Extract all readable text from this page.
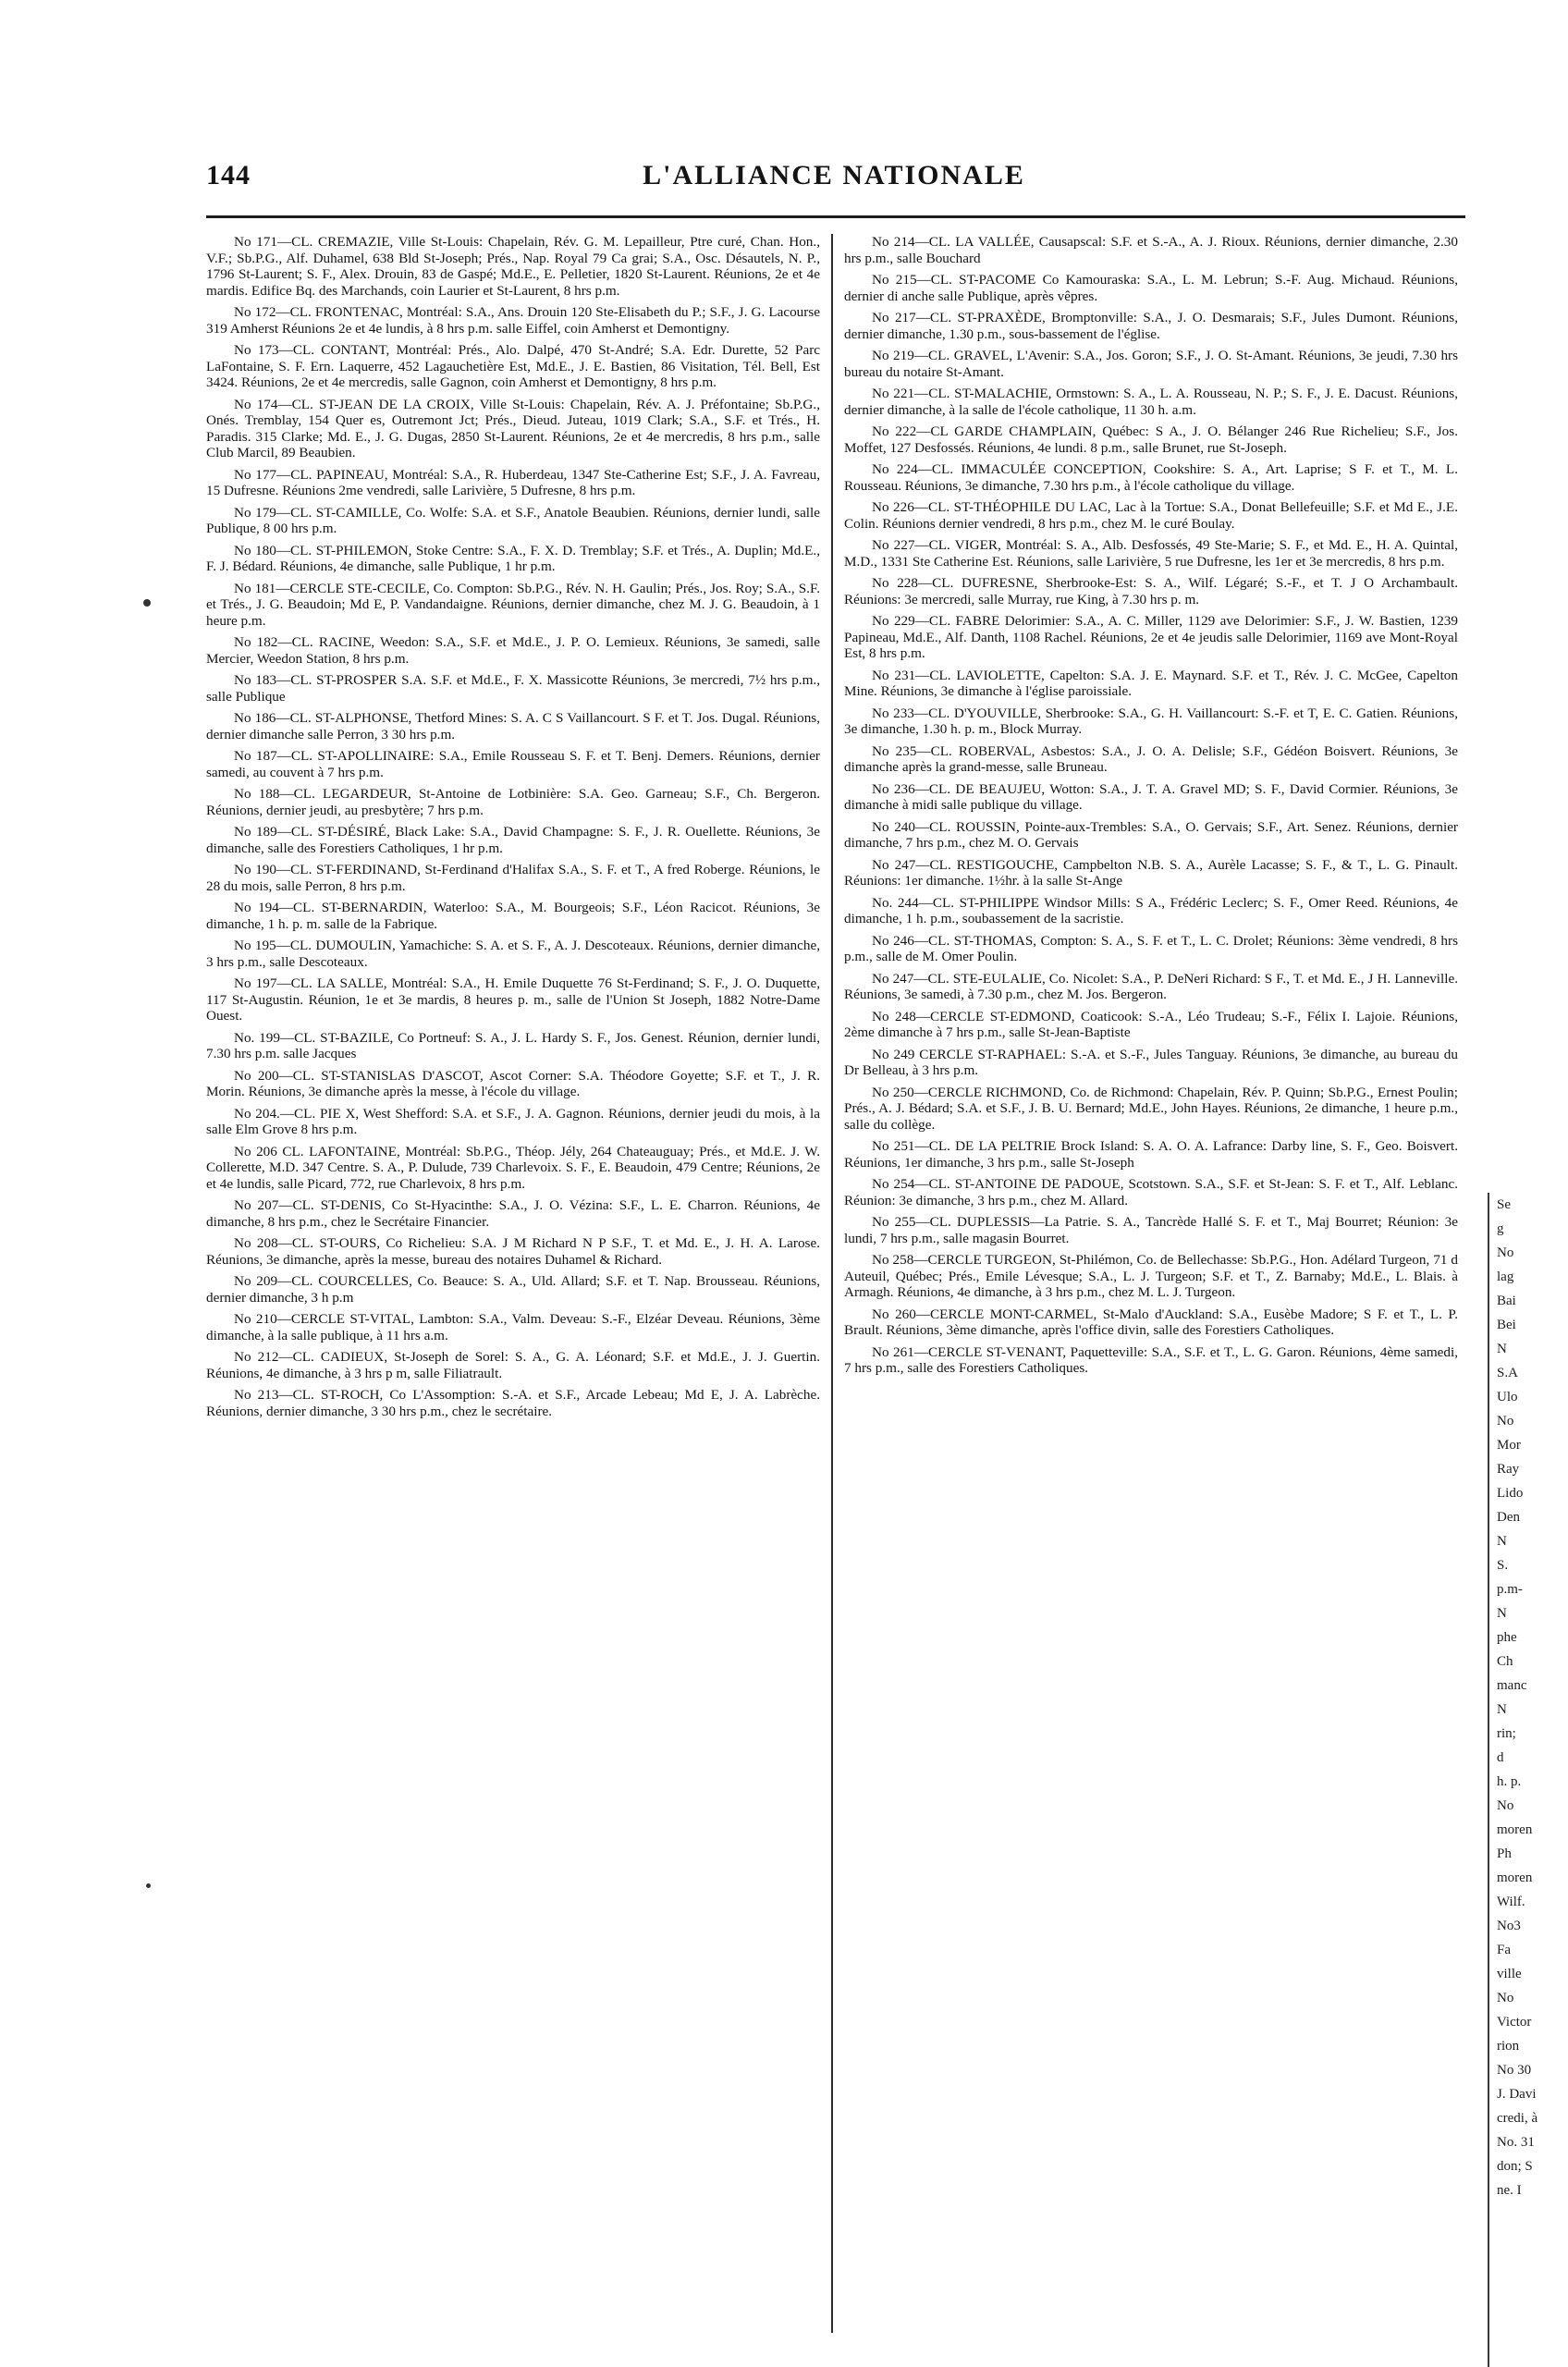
144	L'ALLIANCE NATIONALE

No 171—CL. CREMAZIE, Ville St-Louis: Chapelain, Rév. G. M. Lepailleur, Ptre curé, Chan. Hon., V.F.; Sb.P.G., Alf. Duhamel, 638 Bld St-Joseph; Prés., Nap. Royal 79 Ca grai; S.A., Osc. Désautels, N. P., 1796 St-Laurent; S. F., Alex. Drouin, 83 de Gaspé; Md.E., E. Pelletier, 1820 St-Laurent. Réunions, 2e et 4e mardis. Edifice Bq. des Marchands, coin Laurier et St-Laurent, 8 hrs p.m.

No 172—CL. FRONTENAC, Montréal: S.A., Ans. Drouin 120 Ste-Elisabeth du P.; S.F., J. G. Lacourse 319 Amherst Réunions 2e et 4e lundis, à 8 hrs p.m. salle Eiffel, coin Amherst et Demontigny.

No 173—CL. CONTANT, Montréal: Prés., Alo. Dalpé, 470 St-André; S.A. Edr. Durette, 52 Parc LaFontaine, S. F. Ern. Laquerre, 452 Lagauchetière Est, Md.E., J. E. Bastien, 86 Visitation, Tél. Bell, Est 3424. Réunions, 2e et 4e mercredis, salle Gagnon, coin Amherst et Demontigny, 8 hrs p.m.

No 174—CL. ST-JEAN DE LA CROIX, Ville St-Louis: Chapelain, Rév. A. J. Préfontaine; Sb.P.G., Onés. Tremblay, 154 Quer es, Outremont Jct; Prés., Dieud. Juteau, 1019 Clark; S.A., S.F. et Trés., H. Paradis. 315 Clarke; Md. E., J. G. Dugas, 2850 St-Laurent. Réunions, 2e et 4e mercredis, 8 hrs p.m., salle Club Marcil, 89 Beaubien.

No 177—CL. PAPINEAU, Montréal: S.A., R. Huberdeau, 1347 Ste-Catherine Est; S.F., J. A. Favreau, 15 Dufresne. Réunions 2me vendredi, salle Larivière, 5 Dufresne, 8 hrs p.m.

No 179—CL. ST-CAMILLE, Co. Wolfe: S.A. et S.F., Anatole Beaubien. Réunions, dernier lundi, salle Publique, 8 00 hrs p.m.

No 180—CL. ST-PHILEMON, Stoke Centre: S.A., F. X. D. Tremblay; S.F. et Trés., A. Duplin; Md.E., F. J. Bédard. Réunions, 4e dimanche, salle Publique, 1 hr p.m.

No 181—CERCLE STE-CECILE, Co. Compton: Sb.P.G., Rév. N. H. Gaulin; Prés., Jos. Roy; S.A., S.F. et Trés., J. G. Beaudoin; Md E, P. Vandandaigne. Réunions, dernier dimanche, chez M. J. G. Beaudoin, à 1 heure p.m.

No 182—CL. RACINE, Weedon: S.A., S.F. et Md.E., J. P. O. Lemieux. Réunions, 3e samedi, salle Mercier, Weedon Station, 8 hrs p.m.

No 183—CL. ST-PROSPER S.A. S.F. et Md.E., F. X. Massicotte Réunions, 3e mercredi, 7½ hrs p.m., salle Publique

No 186—CL. ST-ALPHONSE, Thetford Mines: S. A. C S Vaillancourt. S F. et T. Jos. Dugal. Réunions, dernier dimanche salle Perron, 3 30 hrs p.m.

No 187—CL. ST-APOLLINAIRE: S.A., Emile Rousseau S. F. et T. Benj. Demers. Réunions, dernier samedi, au couvent à 7 hrs p.m.

No 188—CL. LEGARDEUR, St-Antoine de Lotbinière: S.A. Geo. Garneau; S.F., Ch. Bergeron. Réunions, dernier jeudi, au presbytère; 7 hrs p.m.

No 189—CL. ST-DÉSIRÉ, Black Lake: S.A., David Champagne: S. F., J. R. Ouellette. Réunions, 3e dimanche, salle des Forestiers Catholiques, 1 hr p.m.

No 190—CL. ST-FERDINAND, St-Ferdinand d'Halifax S.A., S. F. et T., A fred Roberge. Réunions, le 28 du mois, salle Perron, 8 hrs p.m.

No 194—CL. ST-BERNARDIN, Waterloo: S.A., M. Bourgeois; S.F., Léon Racicot. Réunions, 3e dimanche, 1 h. p. m. salle de la Fabrique.

No 195—CL. DUMOULIN, Yamachiche: S. A. et S. F., A. J. Descoteaux. Réunions, dernier dimanche, 3 hrs p.m., salle Descoteaux.

No 197—CL. LA SALLE, Montréal: S.A., H. Emile Duquette 76 St-Ferdinand; S. F., J. O. Duquette, 117 St-Augustin. Réunion, 1e et 3e mardis, 8 heures p. m., salle de l'Union St Joseph, 1882 Notre-Dame Ouest.

No. 199—CL. ST-BAZILE, Co Portneuf: S. A., J. L. Hardy S. F., Jos. Genest. Réunion, dernier lundi, 7.30 hrs p.m. salle Jacques

No 200—CL. ST-STANISLAS D'ASCOT, Ascot Corner: S.A. Théodore Goyette; S.F. et T., J. R. Morin. Réunions, 3e dimanche après la messe, à l'école du village.

No 204.—CL. PIE X, West Shefford: S.A. et S.F., J. A. Gagnon. Réunions, dernier jeudi du mois, à la salle Elm Grove 8 hrs p.m.

No 206 CL. LAFONTAINE, Montréal: Sb.P.G., Théop. Jély, 264 Chateauguay; Prés., et Md.E. J. W. Collerette, M.D. 347 Centre. S. A., P. Dulude, 739 Charlevoix. S. F., E. Beaudoin, 479 Centre; Réunions, 2e et 4e lundis, salle Picard, 772, rue Charlevoix, 8 hrs p.m.

No 207—CL. ST-DENIS, Co St-Hyacinthe: S.A., J. O. Vézina: S.F., L. E. Charron. Réunions, 4e dimanche, 8 hrs p.m., chez le Secrétaire Financier.

No 208—CL. ST-OURS, Co Richelieu: S.A. J M Richard N P S.F., T. et Md. E., J. H. A. Larose. Réunions, 3e dimanche, après la messe, bureau des notaires Duhamel & Richard.

No 209—CL. COURCELLES, Co. Beauce: S. A., Uld. Allard; S.F. et T. Nap. Brousseau. Réunions, dernier dimanche, 3 h p.m

No 210—CERCLE ST-VITAL, Lambton: S.A., Valm. Deveau: S.-F., Elzéar Deveau. Réunions, 3ème dimanche, à la salle publique, à 11 hrs a.m.

No 212—CL. CADIEUX, St-Joseph de Sorel: S. A., G. A. Léonard; S.F. et Md.E., J. J. Guertin. Réunions, 4e dimanche, à 3 hrs p m, salle Filiatrault.

No 213—CL. ST-ROCH, Co L'Assomption: S.-A. et S.F., Arcade Lebeau; Md E, J. A. Labrèche. Réunions, dernier dimanche, 3 30 hrs p.m., chez le secrétaire.

No 214—CL. LA VALLÉE, Causapscal: S.F. et S.-A., A. J. Rioux. Réunions, dernier dimanche, 2.30 hrs p.m., salle Bouchard

No 215—CL. ST-PACOME Co Kamouraska: S.A., L. M. Lebrun; S.-F. Aug. Michaud. Réunions, dernier di anche salle Publique, après vêpres.

No 217—CL. ST-PRAXÈDE, Bromptonville: S.A., J. O. Desmarais; S.F., Jules Dumont. Réunions, dernier dimanche, 1.30 p.m., sous-bassement de l'église.

No 219—CL. GRAVEL, L'Avenir: S.A., Jos. Goron; S.F., J. O. St-Amant. Réunions, 3e jeudi, 7.30 hrs bureau du notaire St-Amant.

No 221—CL. ST-MALACHIE, Ormstown: S. A., L. A. Rousseau, N. P.; S. F., J. E. Dacust. Réunions, dernier dimanche, à la salle de l'école catholique, 11 30 h. a.m.

No 222—CL GARDE CHAMPLAIN, Québec: S A., J. O. Bélanger 246 Rue Richelieu; S.F., Jos. Moffet, 127 Desfossés. Réunions, 4e lundi. 8 p.m., salle Brunet, rue St-Joseph.

No 224—CL. IMMACULÉE CONCEPTION, Cookshire: S. A., Art. Laprise; S F. et T., M. L. Rousseau. Réunions, 3e dimanche, 7.30 hrs p.m., à l'école catholique du village.

No 226—CL. ST-THÉOPHILE DU LAC, Lac à la Tortue: S.A., Donat Bellefeuille; S.F. et Md E., J.E. Colin. Réunions dernier vendredi, 8 hrs p.m., chez M. le curé Boulay.

No 227—CL. VIGER, Montréal: S. A., Alb. Desfossés, 49 Ste-Marie; S. F., et Md. E., H. A. Quintal, M.D., 1331 Ste Catherine Est. Réunions, salle Larivière, 5 rue Dufresne, les 1er et 3e mercredis, 8 hrs p.m.

No 228—CL. DUFRESNE, Sherbrooke-Est: S. A., Wilf. Légaré; S.-F., et T. J O Archambault. Réunions: 3e mercredi, salle Murray, rue King, à 7.30 hrs p. m.

No 229—CL. FABRE Delorimier: S.A., A. C. Miller, 1129 ave Delorimier: S.F., J. W. Bastien, 1239 Papineau, Md.E., Alf. Danth, 1108 Rachel. Réunions, 2e et 4e jeudis salle Delorimier, 1169 ave Mont-Royal Est, 8 hrs p.m.

No 231—CL. LAVIOLETTE, Capelton: S.A. J. E. Maynard. S.F. et T., Rév. J. C. McGee, Capelton Mine. Réunions, 3e dimanche à l'église paroissiale.

No 233—CL. D'YOUVILLE, Sherbrooke: S.A., G. H. Vaillancourt: S.-F. et T, E. C. Gatien. Réunions, 3e dimanche, 1.30 h. p. m., Block Murray.

No 235—CL. ROBERVAL, Asbestos: S.A., J. O. A. Delisle; S.F., Gédéon Boisvert. Réunions, 3e dimanche après la grand-messe, salle Bruneau.

No 236—CL. DE BEAUJEU, Wotton: S.A., J. T. A. Gravel MD; S. F., David Cormier. Réunions, 3e dimanche à midi salle publique du village.

No 240—CL. ROUSSIN, Pointe-aux-Trembles: S.A., O. Gervais; S.F., Art. Senez. Réunions, dernier dimanche, 7 hrs p.m., chez M. O. Gervais

No 247—CL. RESTIGOUCHE, Campbelton N.B. S. A., Aurèle Lacasse; S. F., & T., L. G. Pinault. Réunions: 1er dimanche. 1½hr. à la salle St-Ange

No. 244—CL. ST-PHILIPPE Windsor Mills: S A., Frédéric Leclerc; S. F., Omer Reed. Réunions, 4e dimanche, 1 h. p.m., soubassement de la sacristie.

No 246—CL. ST-THOMAS, Compton: S. A., S. F. et T., L. C. Drolet; Réunions: 3ème vendredi, 8 hrs p.m., salle de M. Omer Poulin.

No 247—CL. STE-EULALIE, Co. Nicolet: S.A., P. DeNeri Richard: S F., T. et Md. E., J H. Lanneville. Réunions, 3e samedi, à 7.30 p.m., chez M. Jos. Bergeron.

No 248—CERCLE ST-EDMOND, Coaticook: S.-A., Léo Trudeau; S.-F., Félix I. Lajoie. Réunions, 2ème dimanche à 7 hrs p.m., salle St-Jean-Baptiste

No 249 CERCLE ST-RAPHAEL: S.-A. et S.-F., Jules Tanguay. Réunions, 3e dimanche, au bureau du Dr Belleau, à 3 hrs p.m.

No 250—CERCLE RICHMOND, Co. de Richmond: Chapelain, Rév. P. Quinn; Sb.P.G., Ernest Poulin; Prés., A. J. Bédard; S.A. et S.F., J. B. U. Bernard; Md.E., John Hayes. Réunions, 2e dimanche, 1 heure p.m., salle du collège.

No 251—CL. DE LA PELTRIE Brock Island: S. A. O. A. Lafrance: Darby line, S. F., Geo. Boisvert. Réunions, 1er dimanche, 3 hrs p.m., salle St-Joseph

No 254—CL. ST-ANTOINE DE PADOUE, Scotstown. S.A., S.F. et St-Jean: S. F. et T., Alf. Leblanc. Réunion: 3e dimanche, 3 hrs p.m., chez M. Allard.

No 255—CL. DUPLESSIS—La Patrie. S. A., Tancrède Hallé S. F. et T., Maj Bourret; Réunion: 3e lundi, 7 hrs p.m., salle magasin Bourret.

No 258—CERCLE TURGEON, St-Philémon, Co. de Bellechasse: Sb.P.G., Hon. Adélard Turgeon, 71 d Auteuil, Québec; Prés., Emile Lévesque; S.A., L. J. Turgeon; S.F. et T., Z. Barnaby; Md.E., L. Blais. à Armagh. Réunions, 4e dimanche, à 3 hrs p.m., chez M. L. J. Turgeon.

No 260—CERCLE MONT-CARMEL, St-Malo d'Auckland: S.A., Eusèbe Madore; S F. et T., L. P. Brault. Réunions, 3ème dimanche, après l'office divin, salle des Forestiers Catholiques.

No 261—CERCLE ST-VENANT, Paquetteville: S.A., S.F. et T., L. G. Garon. Réunions, 4ème samedi, 7 hrs p.m., salle des Forestiers Catholiques.

Se
g
No
lag
Bai
Bei
N
S.A
Ulo
No
Mor
Ray
Lido
Den
N
S.
p.m-
N
phe
Ch
manc
N
rin;
d
h. p.
No
moren
Ph
moren
Wilf.
No3
Fa
ville
No
Victor
rion
No 30
J. Davi
credi, à
No. 31
don; S
ne. I
